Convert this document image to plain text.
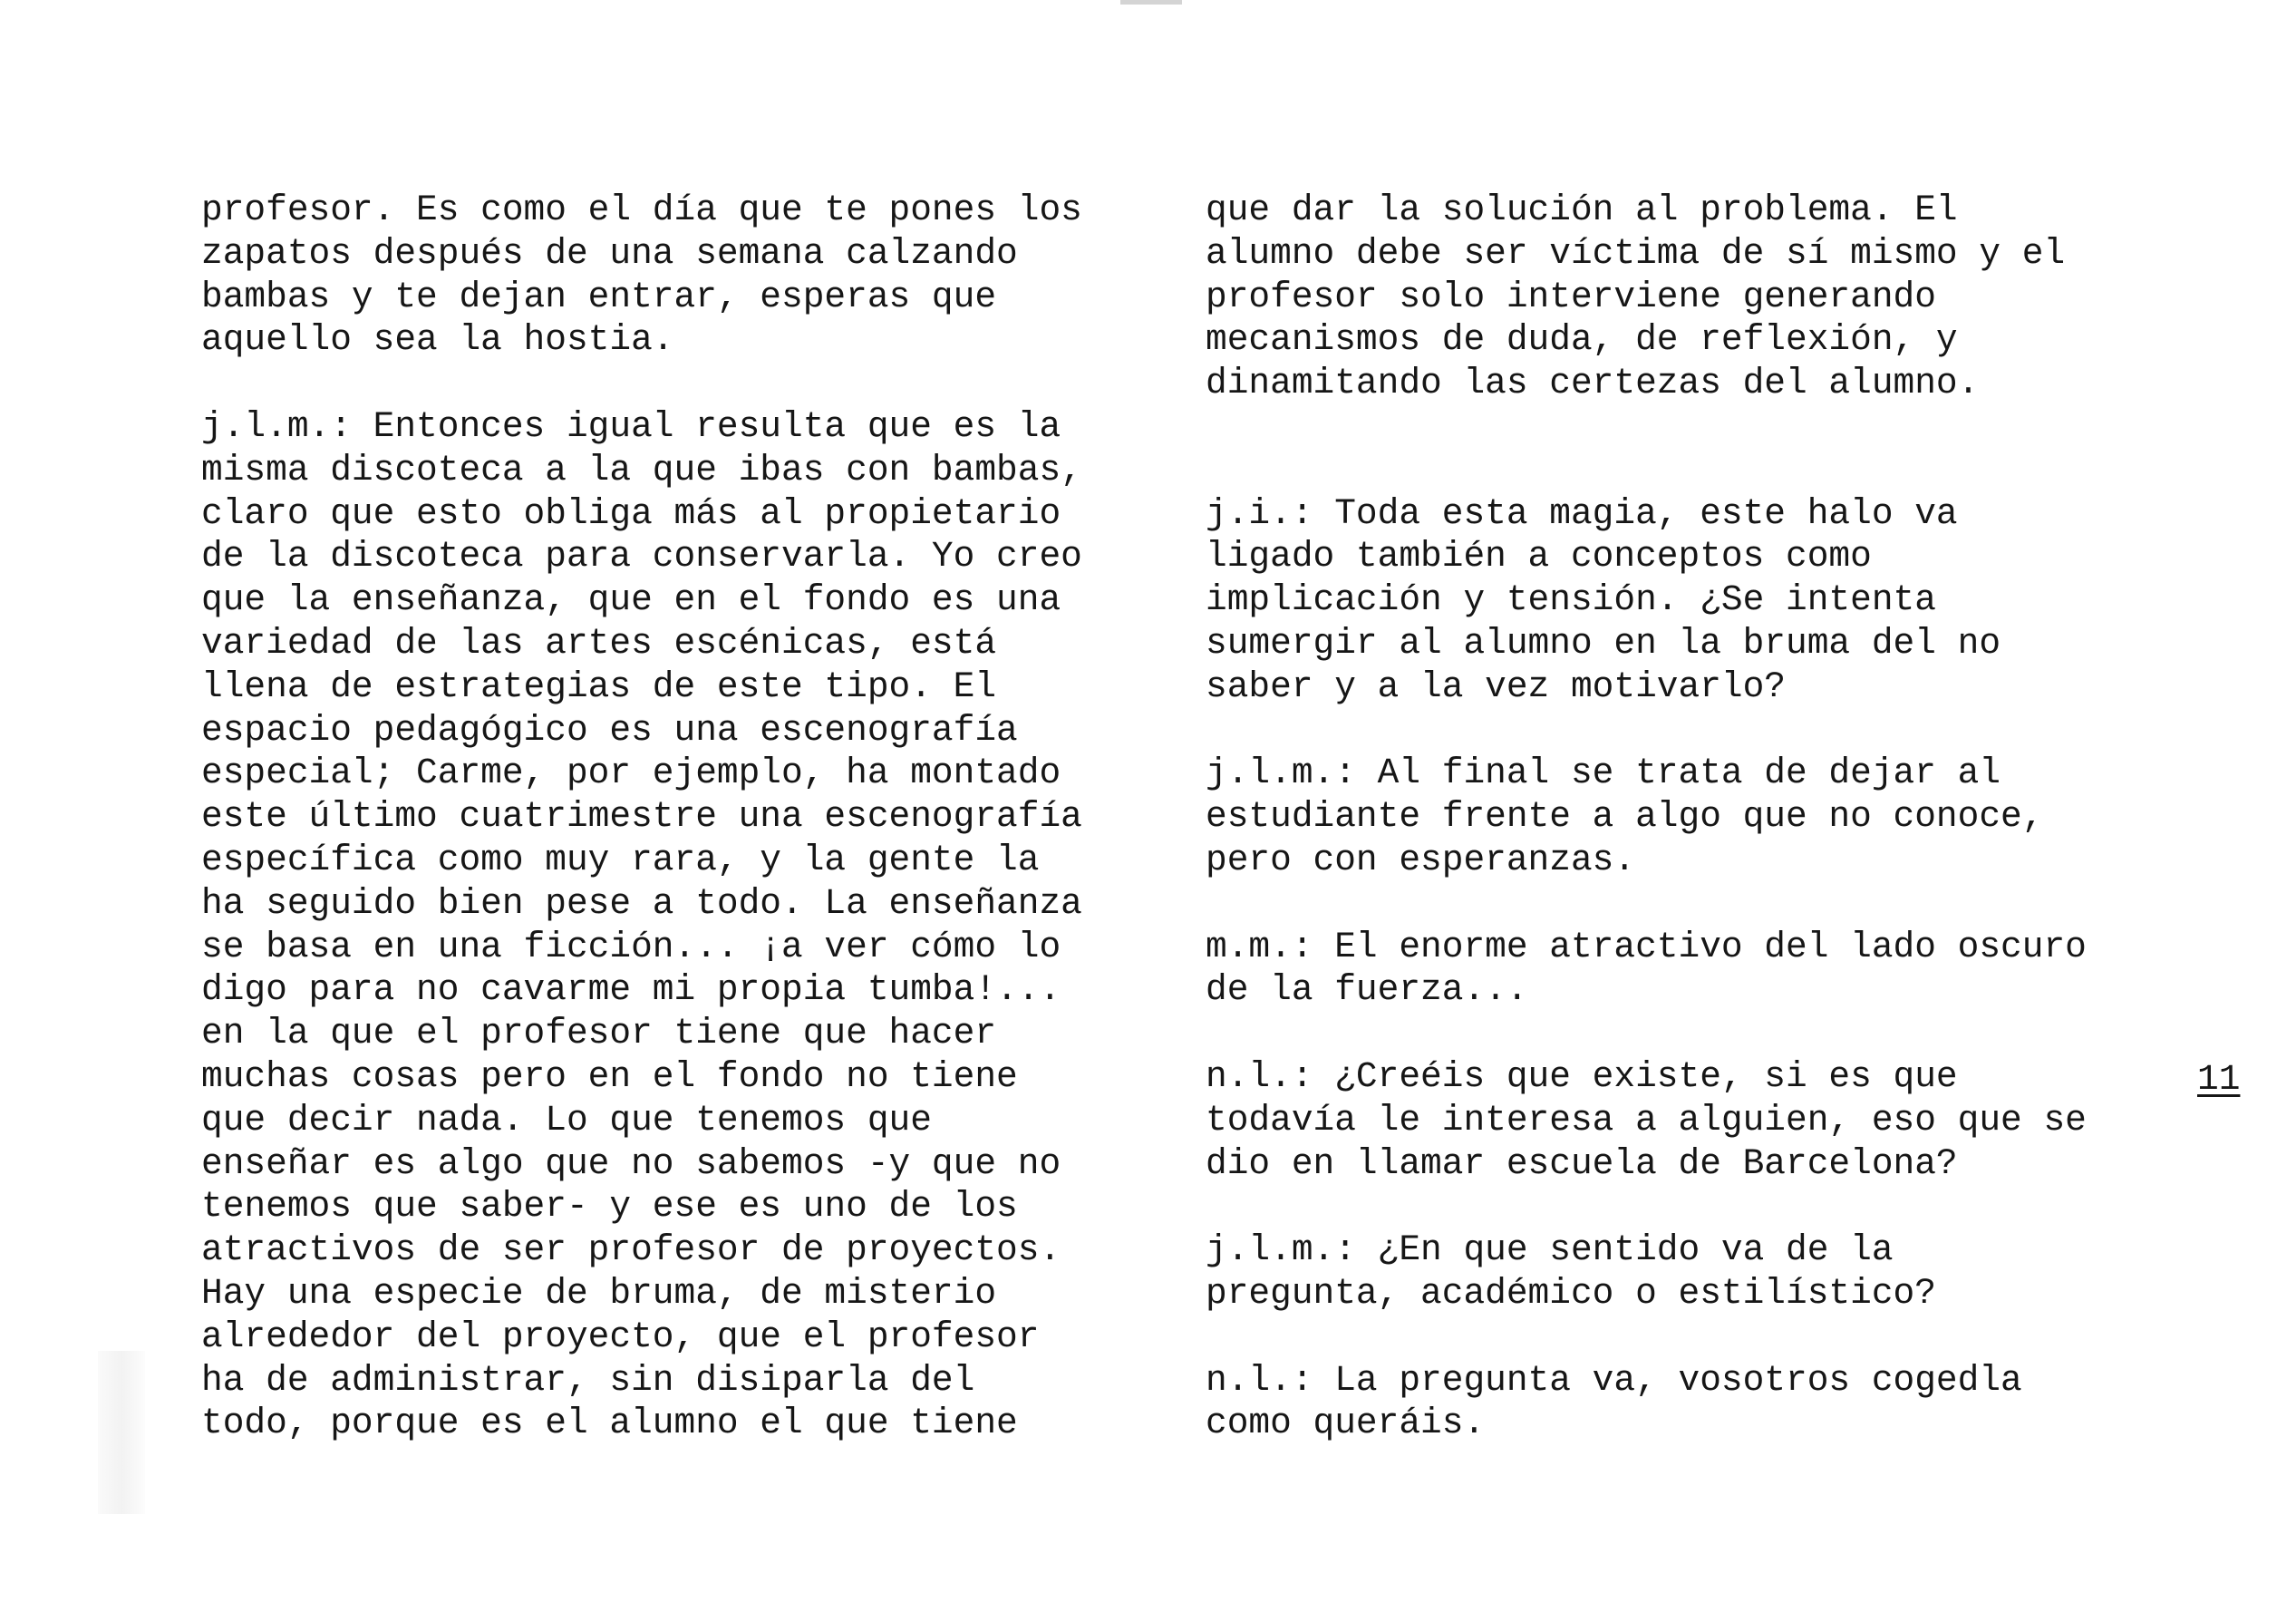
profesor. Es como el día que te pones los
zapatos después de una semana calzando
bambas y te dejan entrar, esperas que
aquello sea la hostia.
j.l.m.: Entonces igual resulta que es la
misma discoteca a la que ibas con bambas,
claro que esto obliga más al propietario
de la discoteca para conservarla. Yo creo
que la enseñanza, que en el fondo es una
variedad de las artes escénicas, está
llena de estrategias de este tipo. El
espacio pedagógico es una escenografía
especial; Carme, por ejemplo, ha montado
este último cuatrimestre una escenografía
específica como muy rara, y la gente la
ha seguido bien pese a todo. La enseñanza
se basa en una ficción... ¡a ver cómo lo
digo para no cavarme mi propia tumba!...
en la que el profesor tiene que hacer
muchas cosas pero en el fondo no tiene
que decir nada. Lo que tenemos que
enseñar es algo que no sabemos -y que no
tenemos que saber- y ese es uno de los
atractivos de ser profesor de proyectos.
Hay una especie de bruma, de misterio
alrededor del proyecto, que el profesor
ha de administrar, sin disiparla del
todo, porque es el alumno el que tiene
que dar la solución al problema. El
alumno debe ser víctima de sí mismo y el
profesor solo interviene generando
mecanismos de duda, de reflexión, y
dinamitando las certezas del alumno.
j.i.: Toda esta magia, este halo va
ligado también a conceptos como
implicación y tensión. ¿Se intenta
sumergir al alumno en la bruma del no
saber y a la vez motivarlo?
j.l.m.: Al final se trata de dejar al
estudiante frente a algo que no conoce,
pero con esperanzas.
m.m.: El enorme atractivo del lado oscuro
de la fuerza...
n.l.: ¿Creéis que existe, si es que
todavía le interesa a alguien, eso que se
dio en llamar escuela de Barcelona?
j.l.m.: ¿En que sentido va de la
pregunta, académico o estilístico?
n.l.: La pregunta va, vosotros cogedla
como queráis.
11
